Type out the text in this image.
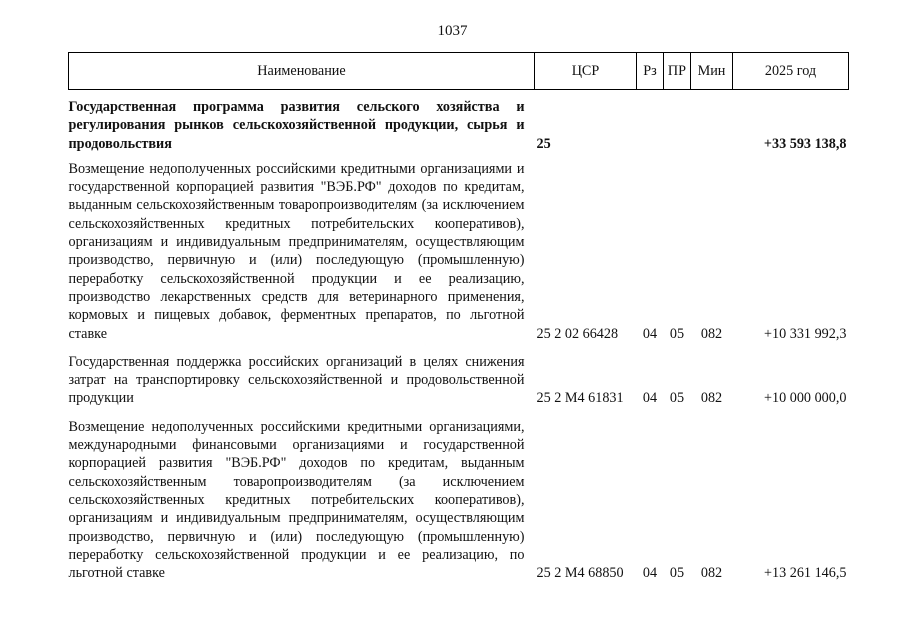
1037
Наименование	ЦСР	Рз	ПР	Мин	2025 год
Государственная программа развития сельского хозяйства и регулирования рынков сельскохозяйственной продукции, сырья и продовольствия	25				+33 593 138,8
Возмещение недополученных российскими кредитными организациями и государственной корпорацией развития "ВЭБ.РФ" доходов по кредитам, выданным сельскохозяйственным товаропроизводителям (за исключением сельскохозяйственных кредитных потребительских кооперативов), организациям и индивидуальным предпринимателям, осуществляющим производство, первичную и (или) последующую (промышленную) переработку сельскохозяйственной продукции и ее реализацию, производство лекарственных средств для ветеринарного применения, кормовых и пищевых добавок, ферментных препаратов, по льготной ставке	25 2 02 66428	04	05	082	+10 331 992,3
Государственная поддержка российских организаций в целях снижения затрат на транспортировку сельскохозяйственной и продовольственной продукции	25 2 М4 61831	04	05	082	+10 000 000,0
Возмещение недополученных российскими кредитными организациями, международными финансовыми организациями и государственной корпорацией развития "ВЭБ.РФ" доходов по кредитам, выданным сельскохозяйственным товаропроизводителям (за исключением сельскохозяйственных кредитных потребительских кооперативов), организациям и индивидуальным предпринимателям, осуществляющим производство, первичную и (или) последующую (промышленную) переработку сельскохозяйственной продукции и ее реализацию, по льготной ставке	25 2 М4 68850	04	05	082	+13 261 146,5
